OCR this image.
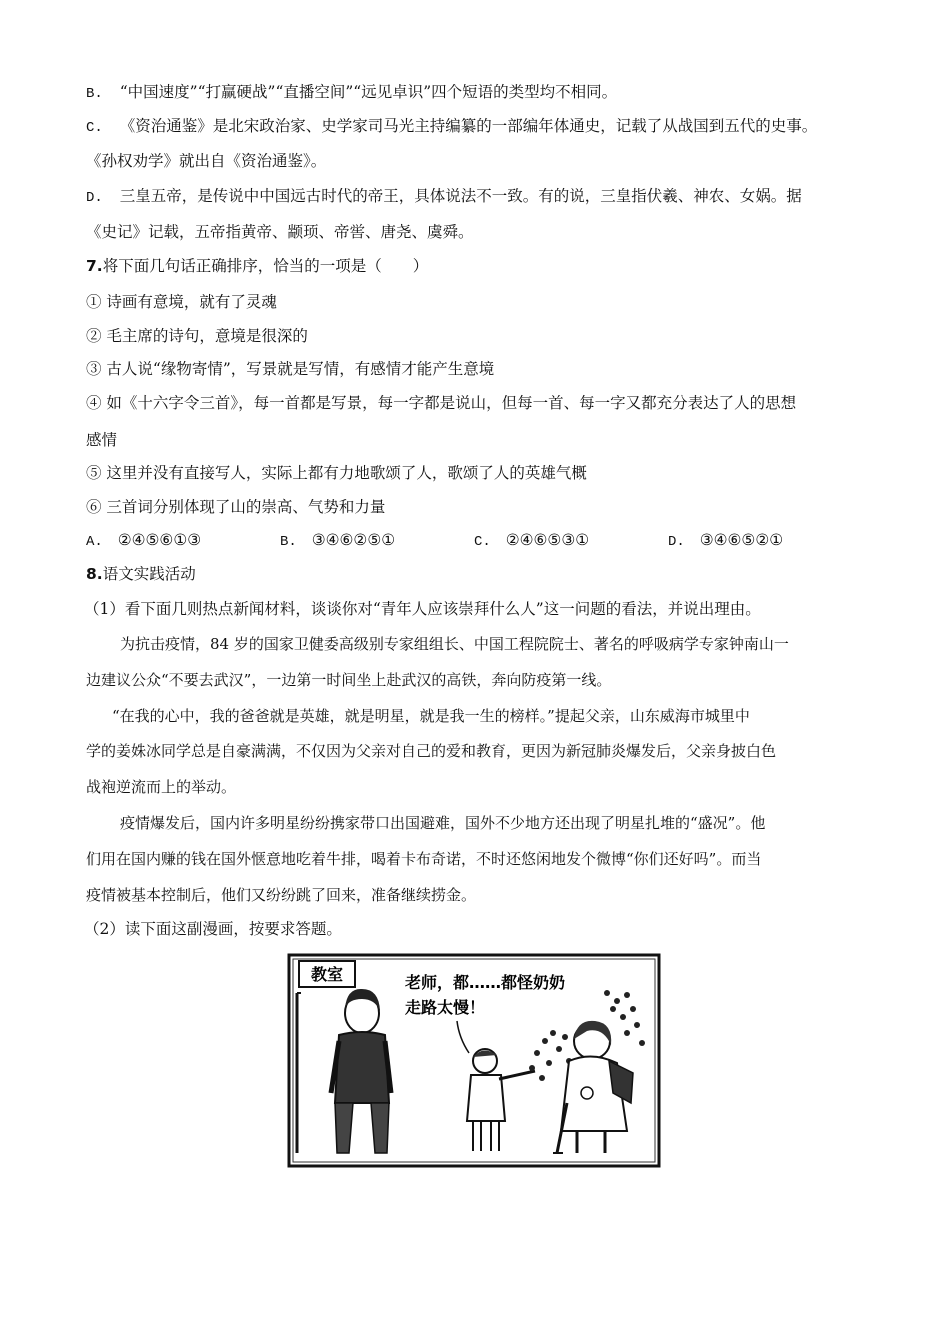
B. “中国速度”“打赢硬战”“直播空间”“远见卓识”四个短语的类型均不相同。
C. 《资治通鉴》是北宋政治家、史学家司马光主持编纂的一部编年体通史，记载了从战国到五代的史事。
《孙权劝学》就出自《资治通鉴》。
D. 三皇五帝，是传说中中国远古时代的帝王，具体说法不一致。有的说，三皇指伏羲、神农、女娲。据
《史记》记载，五帝指黄帝、颛顼、帝喾、唐尧、虞舜。
7.将下面几句话正确排序，恰当的一项是（　　）
① 诗画有意境，就有了灵魂
② 毛主席的诗句，意境是很深的
③ 古人说“缘物寄情”，写景就是写情，有感情才能产生意境
④ 如《十六字令三首》，每一首都是写景，每一字都是说山，但每一首、每一字又都充分表达了人的思想
感情
⑤ 这里并没有直接写人，实际上都有力地歌颂了人，歌颂了人的英雄气概
⑥ 三首词分别体现了山的崇高、气势和力量
A. ②④⑤⑥①③	B. ③④⑥②⑤①	C. ②④⑥⑤③①	D. ③④⑥⑤②①
8.语文实践活动
（1）看下面几则热点新闻材料，谈谈你对“青年人应该崇拜什么人”这一问题的看法，并说出理由。
为抗击疫情，84 岁的国家卫健委高级别专家组组长、中国工程院院士、著名的呼吸病学专家钟南山一
边建议公众“不要去武汉”，一边第一时间坐上赴武汉的高铁，奔向防疫第一线。
“在我的心中，我的爸爸就是英雄，就是明星，就是我一生的榜样。”提起父亲，山东威海市城里中
学的姜姝冰同学总是自豪满满，不仅因为父亲对自己的爱和教育，更因为新冠肺炎爆发后，父亲身披白色
战袍逆流而上的举动。
疫情爆发后，国内许多明星纷纷携家带口出国避难，国外不少地方还出现了明星扎堆的“盛况”。他
们用在国内赚的钱在国外惬意地吃着牛排，喝着卡布奇诺，不时还悠闲地发个微博“你们还好吗”。而当
疫情被基本控制后，他们又纷纷跳了回来，准备继续捞金。
（2）读下面这副漫画，按要求答题。
教室	老师，都……都怪奶奶
走路太慢！
